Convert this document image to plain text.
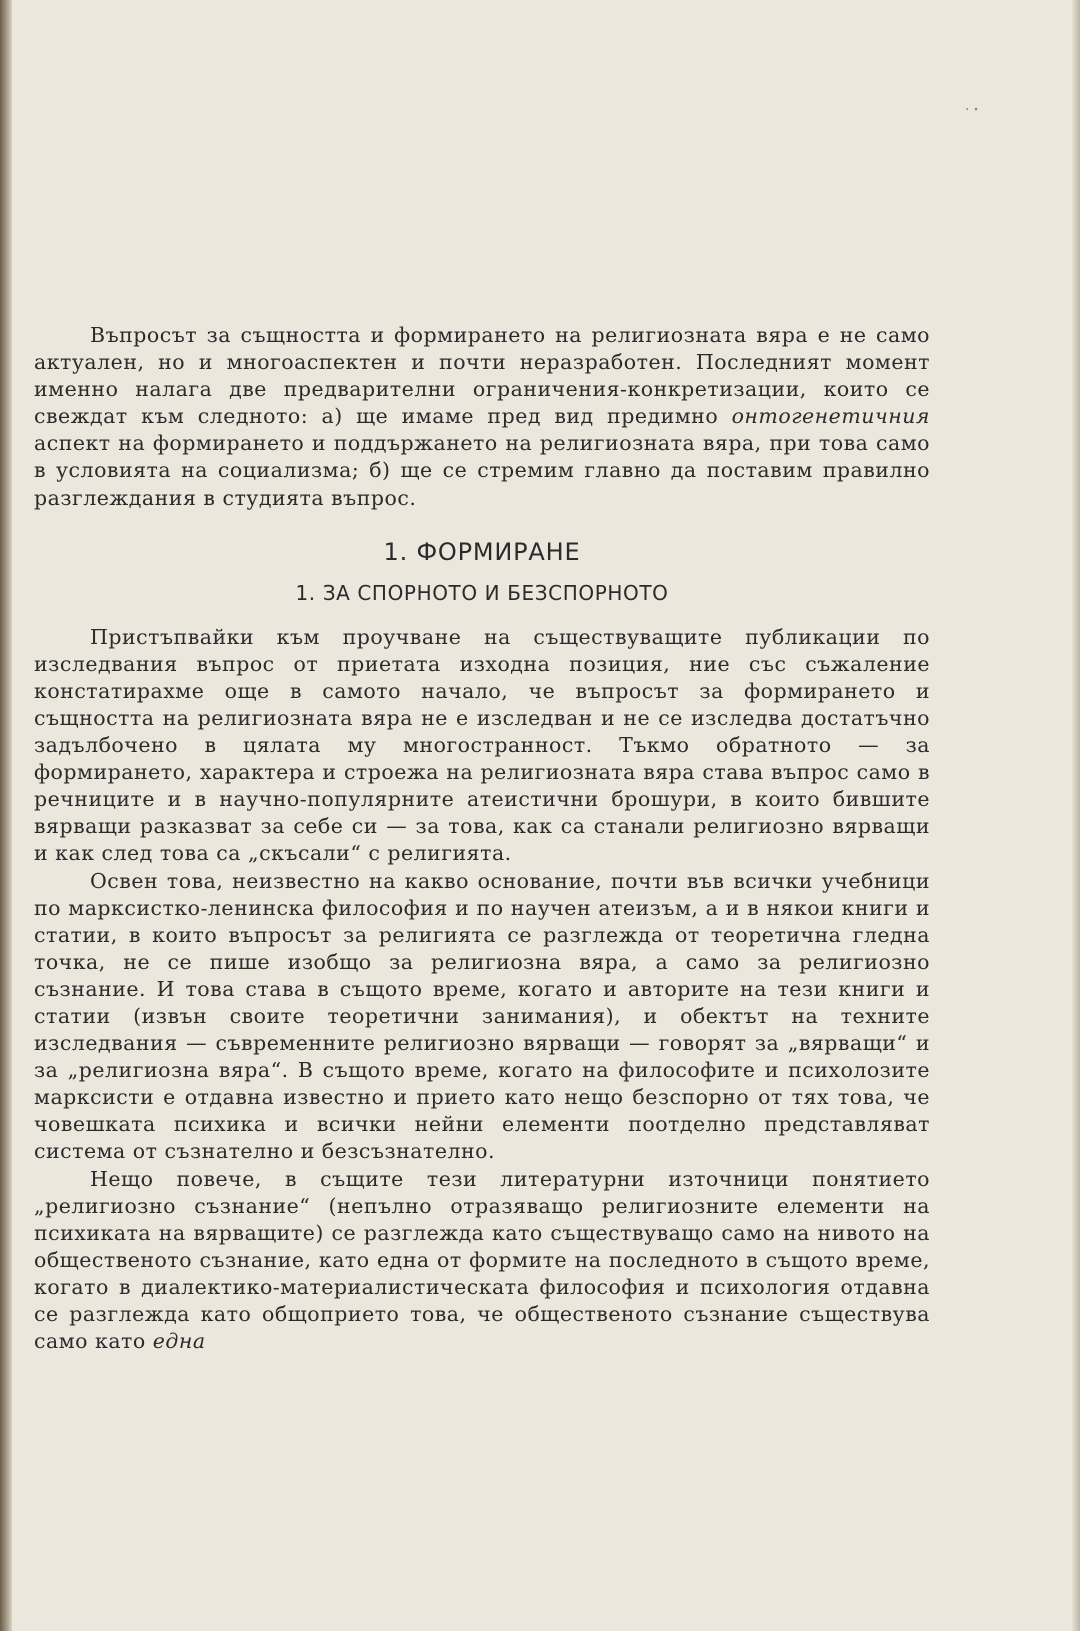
· ꞏ

Въпросът за същността и формирането на религиозната вяра е не само актуален, но и многоаспектен и почти неразработен. Последният момент именно налага две предварителни ограничения-конкретизации, които се свеждат към следното: а) ще имаме пред вид предимно онтогенетичния аспект на формирането и поддържането на религиозната вяра, при това само в условията на социализма; б) ще се стремим главно да поставим правилно разглеждания в студията въпрос.

1. ФОРМИРАНЕ
1. ЗА СПОРНОТО И БЕЗСПОРНОТО

Пристъпвайки към проучване на съществуващите публикации по изследвания въпрос от приетата изходна позиция, ние със съжаление констатирахме още в самото начало, че въпросът за формирането и същността на религиозната вяра не е изследван и не се изследва достатъчно задълбочено в цялата му многостранност. Тъкмо обратното — за формирането, характера и строежа на религиозната вяра става въпрос само в речниците и в научно-популярните атеистични брошури, в които бившите вярващи разказват за себе си — за това, как са станали религиозно вярващи и как след това са „скъсали“ с религията.

Освен това, неизвестно на какво основание, почти във всички учебници по марксистко-ленинска философия и по научен атеизъм, а и в някои книги и статии, в които въпросът за религията се разглежда от теоретична гледна точка, не се пише изобщо за религиозна вяра, а само за религиозно съзнание. И това става в същото време, когато и авторите на тези книги и статии (извън своите теоретични занимания), и обектът на техните изследвания — съвременните религиозно вярващи — говорят за „вярващи“ и за „религиозна вяра“. В същото време, когато на философите и психолозите марксисти е отдавна известно и прието като нещо безспорно от тях това, че човешката психика и всички нейни елементи поотделно представляват система от съзнателно и безсъзнателно.

Нещо повече, в същите тези литературни източници понятието „религиозно съзнание“ (непълно отразяващо религиозните елементи на психиката на вярващите) се разглежда като съществуващо само на нивото на общественото съзнание, като една от формите на последното в същото време, когато в диалектико-материалистическата философия и психология отдавна се разглежда като общоприето това, че общественото съзнание съществува само като една
